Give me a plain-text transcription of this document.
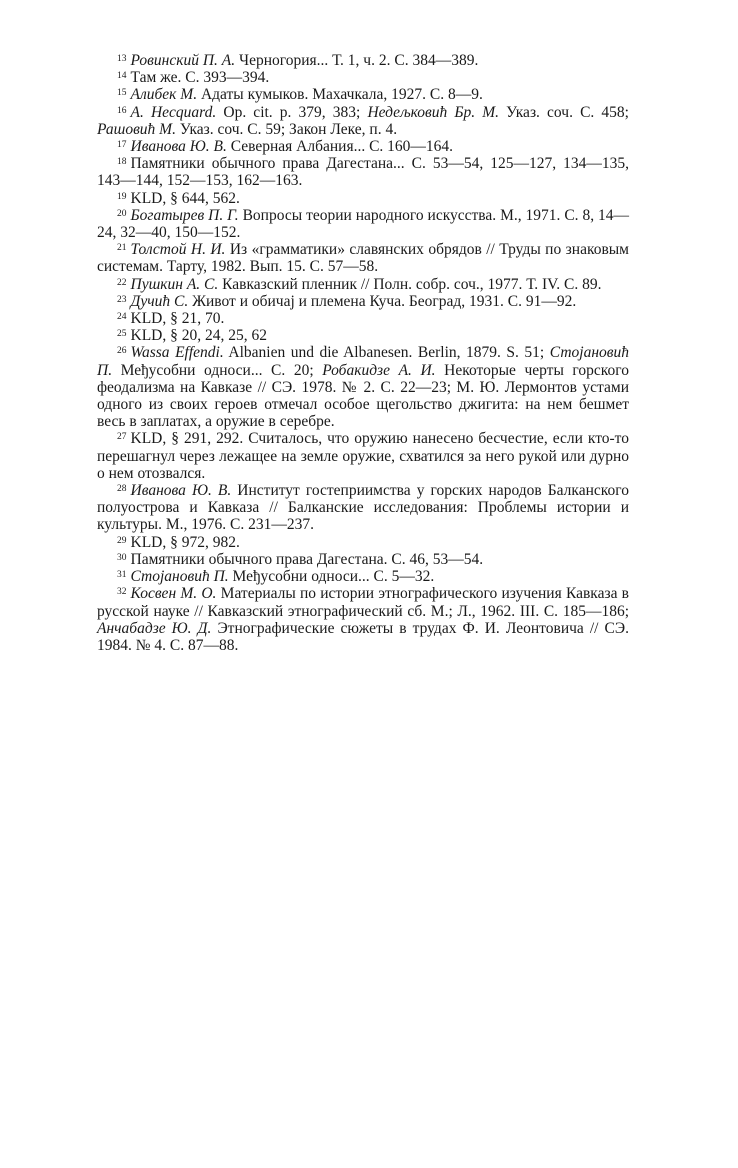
$^{13}$ Ровинский П. А. Черногория... Т. 1, ч. 2. С. 384—389.

$^{14}$ Там же. С. 393—394.

$^{15}$ Алибек М. Адаты кумыков. Махачкала, 1927. С. 8—9.

$^{16}$ A. Hecquard. Op. cit. p. 379, 383; Недељковић Бр. М. Указ. соч. С. 458; Рашовић М. Указ. соч. С. 59; Закон Леке, п. 4.

$^{17}$ Иванова Ю. В. Северная Албания... С. 160—164.

$^{18}$ Памятники обычного права Дагестана... С. 53—54, 125—127, 134—135, 143—144, 152—153, 162—163.

$^{19}$ KLD, § 644, 562.

$^{20}$ Богатырев П. Г. Вопросы теории народного искусства. М., 1971. С. 8, 14—24, 32—40, 150—152.

$^{21}$ Толстой Н. И. Из «грамматики» славянских обрядов // Труды по знаковым системам. Тарту, 1982. Вып. 15. С. 57—58.

$^{22}$ Пушкин А. С. Кавказский пленник // Полн. собр. соч., 1977. Т. IV. С. 89.

$^{23}$ Дучић С. Живот и обичаj и племена Куча. Београд, 1931. С. 91—92.

$^{24}$ KLD, § 21, 70.

$^{25}$ KLD, § 20, 24, 25, 62

$^{26}$ Wassa Effendi. Albanien und die Albanesen. Berlin, 1879. S. 51; Стоjановић П. Међусобни односи... С. 20; Робакидзе А. И. Некоторые черты горского феодализма на Кавказе // СЭ. 1978. № 2. С. 22—23; М. Ю. Лермонтов устами одного из своих героев отмечал особое щегольство джигита: на нем бешмет весь в заплатах, а оружие в серебре.

$^{27}$ KLD, § 291, 292. Считалось, что оружию нанесено бесчестие, если кто-то перешагнул через лежащее на земле оружие, схватился за него рукой или дурно о нем отозвался.

$^{28}$ Иванова Ю. В. Институт гостеприимства у горских народов Балканского полуострова и Кавказа // Балканские исследования: Проблемы истории и культуры. М., 1976. С. 231—237.

$^{29}$ KLD, § 972, 982.

$^{30}$ Памятники обычного права Дагестана. С. 46, 53—54.

$^{31}$ Стоjановић П. Међусобни односи... С. 5—32.

$^{32}$ Косвен М. О. Материалы по истории этнографического изучения Кавказа в русской науке // Кавказский этнографический сб. М.; Л., 1962. III. С. 185—186; Анчабадзе Ю. Д. Этнографические сюжеты в трудах Ф. И. Леонтовича // СЭ. 1984. № 4. С. 87—88.
